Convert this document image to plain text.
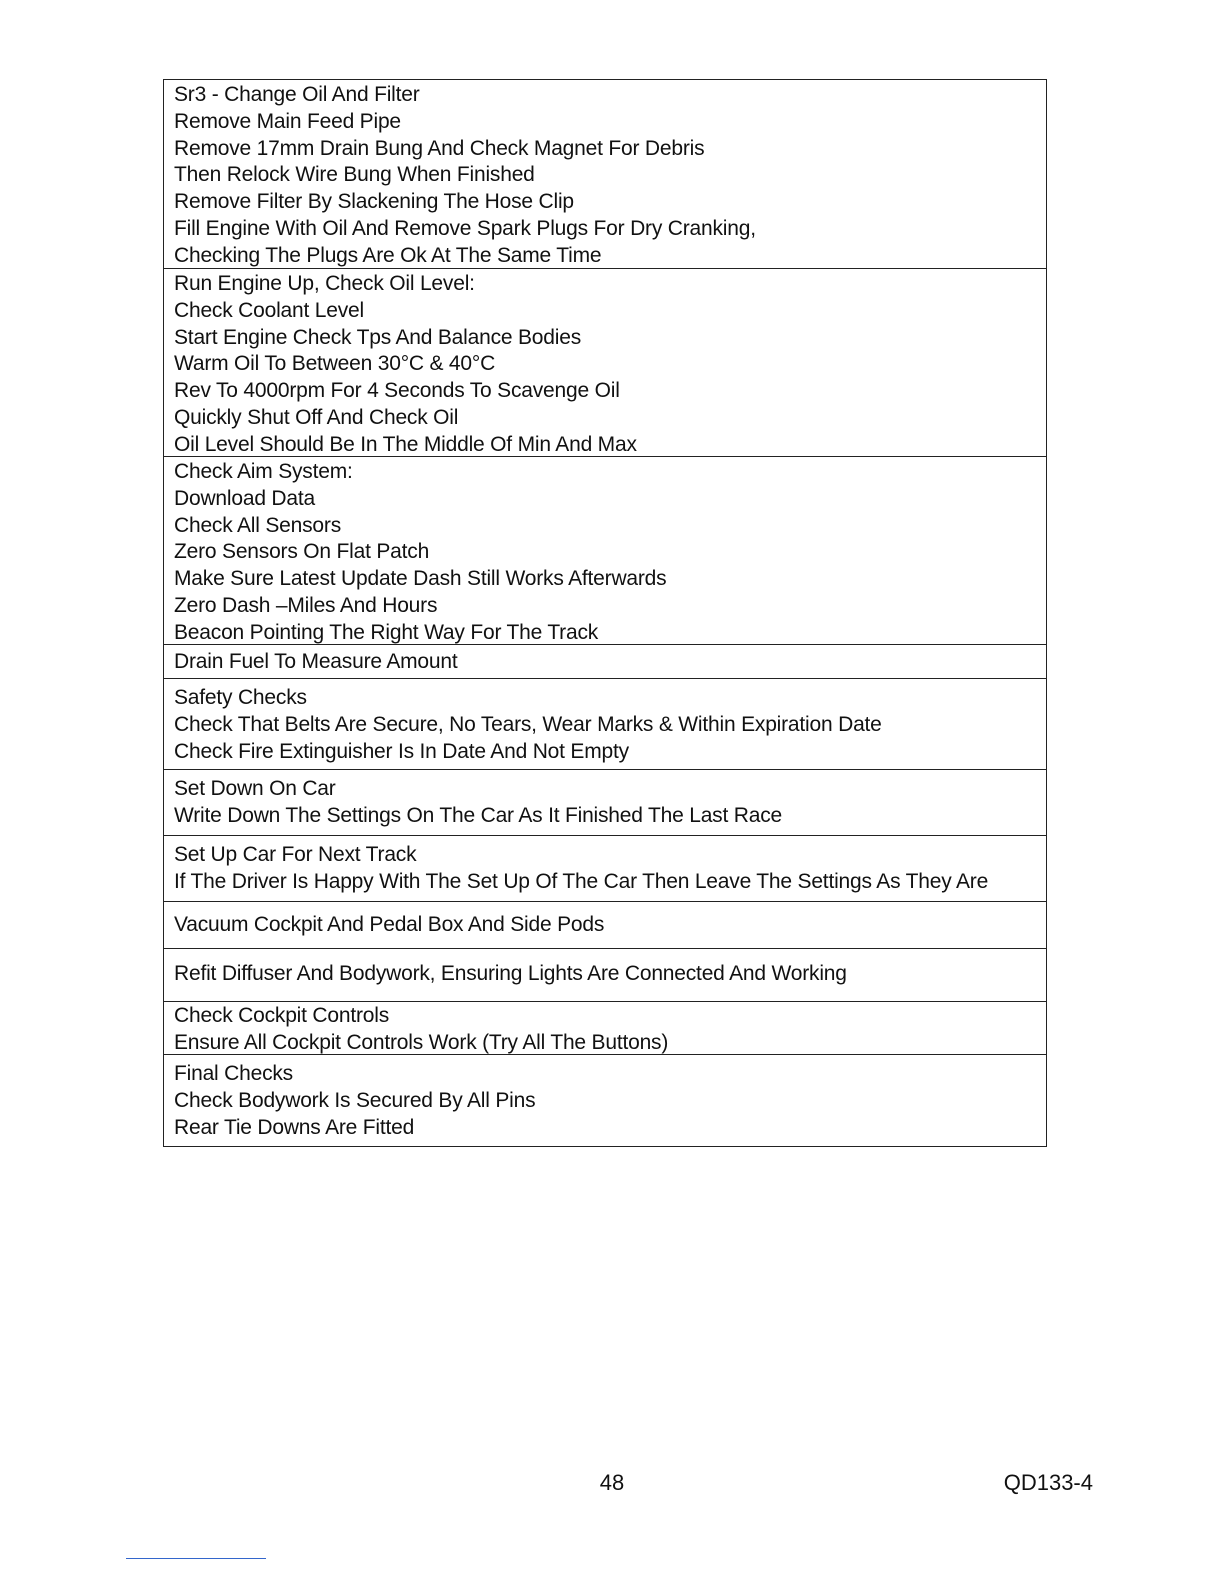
Sr3 - Change Oil And Filter
Remove Main Feed Pipe
Remove 17mm Drain Bung And Check Magnet For Debris
Then Relock Wire Bung When Finished
Remove Filter By Slackening The Hose Clip
Fill Engine With Oil And Remove Spark Plugs For Dry Cranking,
Checking The Plugs Are Ok At The Same Time
Run Engine Up, Check Oil Level:
Check Coolant Level
Start Engine Check Tps And Balance Bodies
Warm Oil To Between 30°C & 40°C
Rev To 4000rpm For 4 Seconds To Scavenge Oil
Quickly Shut Off And Check Oil
Oil Level Should Be In The Middle Of Min And Max
Check Aim System:
Download Data
Check All Sensors
Zero Sensors On Flat Patch
Make Sure Latest Update Dash Still Works Afterwards
Zero Dash –Miles And Hours
Beacon Pointing The Right Way For The Track
Drain Fuel To Measure Amount
Safety Checks
Check That Belts Are Secure, No Tears, Wear Marks & Within Expiration Date
Check Fire Extinguisher Is In Date And Not Empty
Set Down On Car
Write Down The Settings On The Car As It Finished The Last Race
Set Up Car For Next Track
If The Driver Is Happy With The Set Up Of The Car Then Leave The Settings As They Are
Vacuum Cockpit And Pedal Box And Side Pods
Refit Diffuser And Bodywork, Ensuring Lights Are Connected And Working
Check Cockpit Controls
Ensure All Cockpit Controls Work (Try All The Buttons)
Final Checks
Check Bodywork Is Secured By All Pins
Rear Tie Downs Are Fitted
48	QD133-4
